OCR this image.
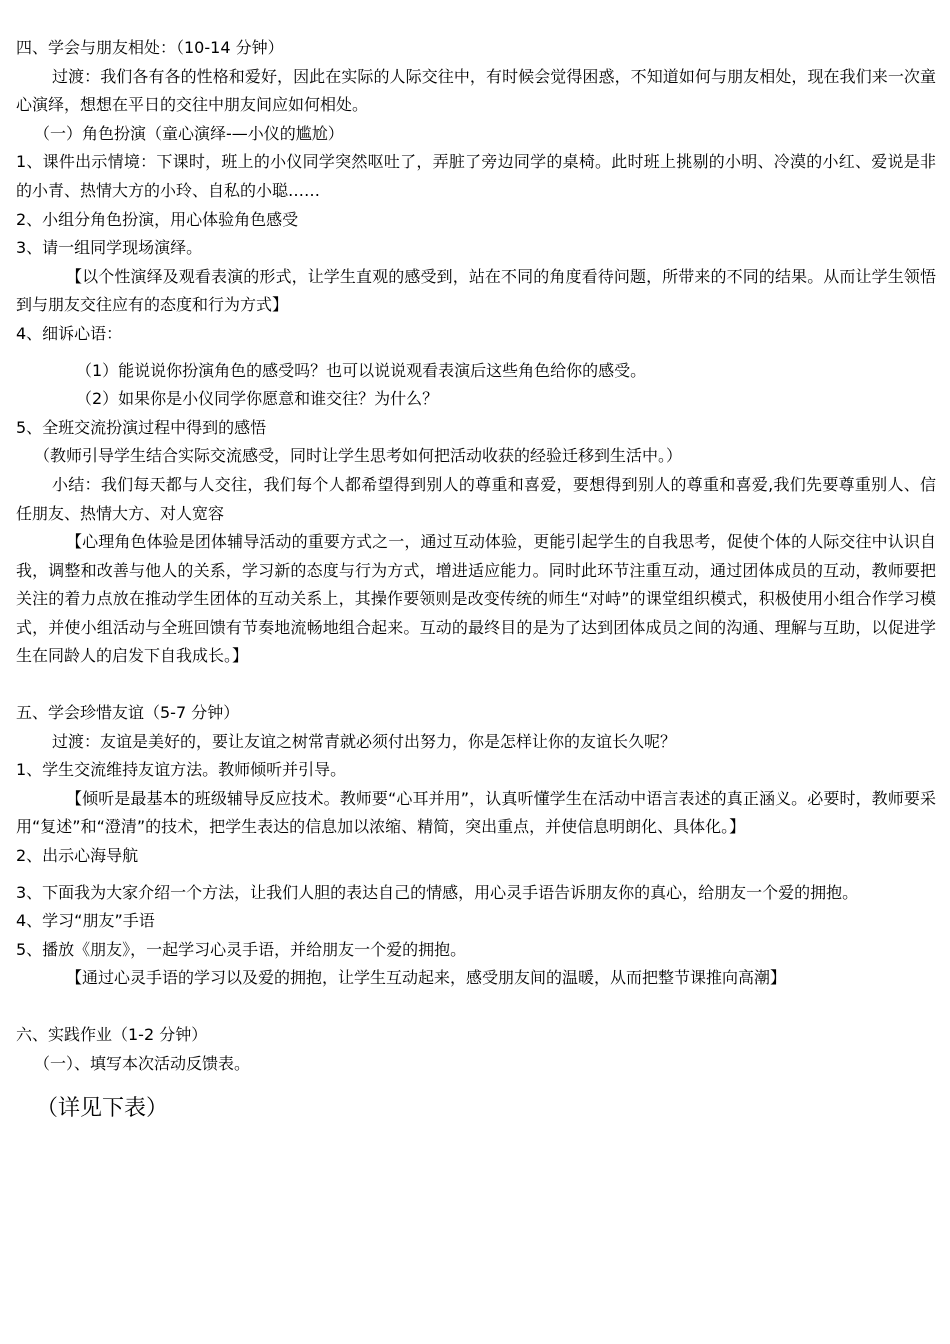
四、学会与朋友相处：（10-14 分钟）

过渡：我们各有各的性格和爱好，因此在实际的人际交往中，有时候会觉得困惑，不知道如何与朋友相处，现在我们来一次童心演绎，想想在平日的交往中朋友间应如何相处。

（一）角色扮演（童心演绎-—小仪的尴尬）

1、课件出示情境：下课时，班上的小仪同学突然呕吐了，弄脏了旁边同学的桌椅。此时班上挑剔的小明、冷漠的小红、爱说是非的小青、热情大方的小玲、自私的小聪……

2、小组分角色扮演，用心体验角色感受

3、请一组同学现场演绎。

【以个性演绎及观看表演的形式，让学生直观的感受到，站在不同的角度看待问题，所带来的不同的结果。从而让学生领悟到与朋友交往应有的态度和行为方式】

4、细诉心语：

（1）能说说你扮演角色的感受吗？也可以说说观看表演后这些角色给你的感受。

（2）如果你是小仪同学你愿意和谁交往？为什么？

5、全班交流扮演过程中得到的感悟

（教师引导学生结合实际交流感受，同时让学生思考如何把活动收获的经验迁移到生活中。）

小结：我们每天都与人交往，我们每个人都希望得到别人的尊重和喜爱，要想得到别人的尊重和喜爱,我们先要尊重别人、信任朋友、热情大方、对人宽容

【心理角色体验是团体辅导活动的重要方式之一，通过互动体验，更能引起学生的自我思考，促使个体的人际交往中认识自我，调整和改善与他人的关系，学习新的态度与行为方式，增进适应能力。同时此环节注重互动，通过团体成员的互动，教师要把关注的着力点放在推动学生团体的互动关系上，其操作要领则是改变传统的师生“对峙”的课堂组织模式，积极使用小组合作学习模式，并使小组活动与全班回馈有节奏地流畅地组合起来。互动的最终目的是为了达到团体成员之间的沟通、理解与互助，以促进学生在同龄人的启发下自我成长。】

五、学会珍惜友谊（5-7 分钟）

过渡：友谊是美好的，要让友谊之树常青就必须付出努力，你是怎样让你的友谊长久呢？

1、学生交流维持友谊方法。教师倾听并引导。

【倾听是最基本的班级辅导反应技术。教师要“心耳并用”，认真听懂学生在活动中语言表述的真正涵义。必要时，教师要采用“复述”和“澄清”的技术，把学生表达的信息加以浓缩、精简，突出重点，并使信息明朗化、具体化。】

2、出示心海导航

3、下面我为大家介绍一个方法，让我们人胆的表达自己的情感，用心灵手语告诉朋友你的真心，给朋友一个爱的拥抱。

4、学习“朋友”手语

5、播放《朋友》，一起学习心灵手语，并给朋友一个爱的拥抱。

【通过心灵手语的学习以及爱的拥抱，让学生互动起来，感受朋友间的温暖，从而把整节课推向高潮】

六、实践作业（1-2 分钟）

（一）、填写本次活动反馈表。

（详见下表）
